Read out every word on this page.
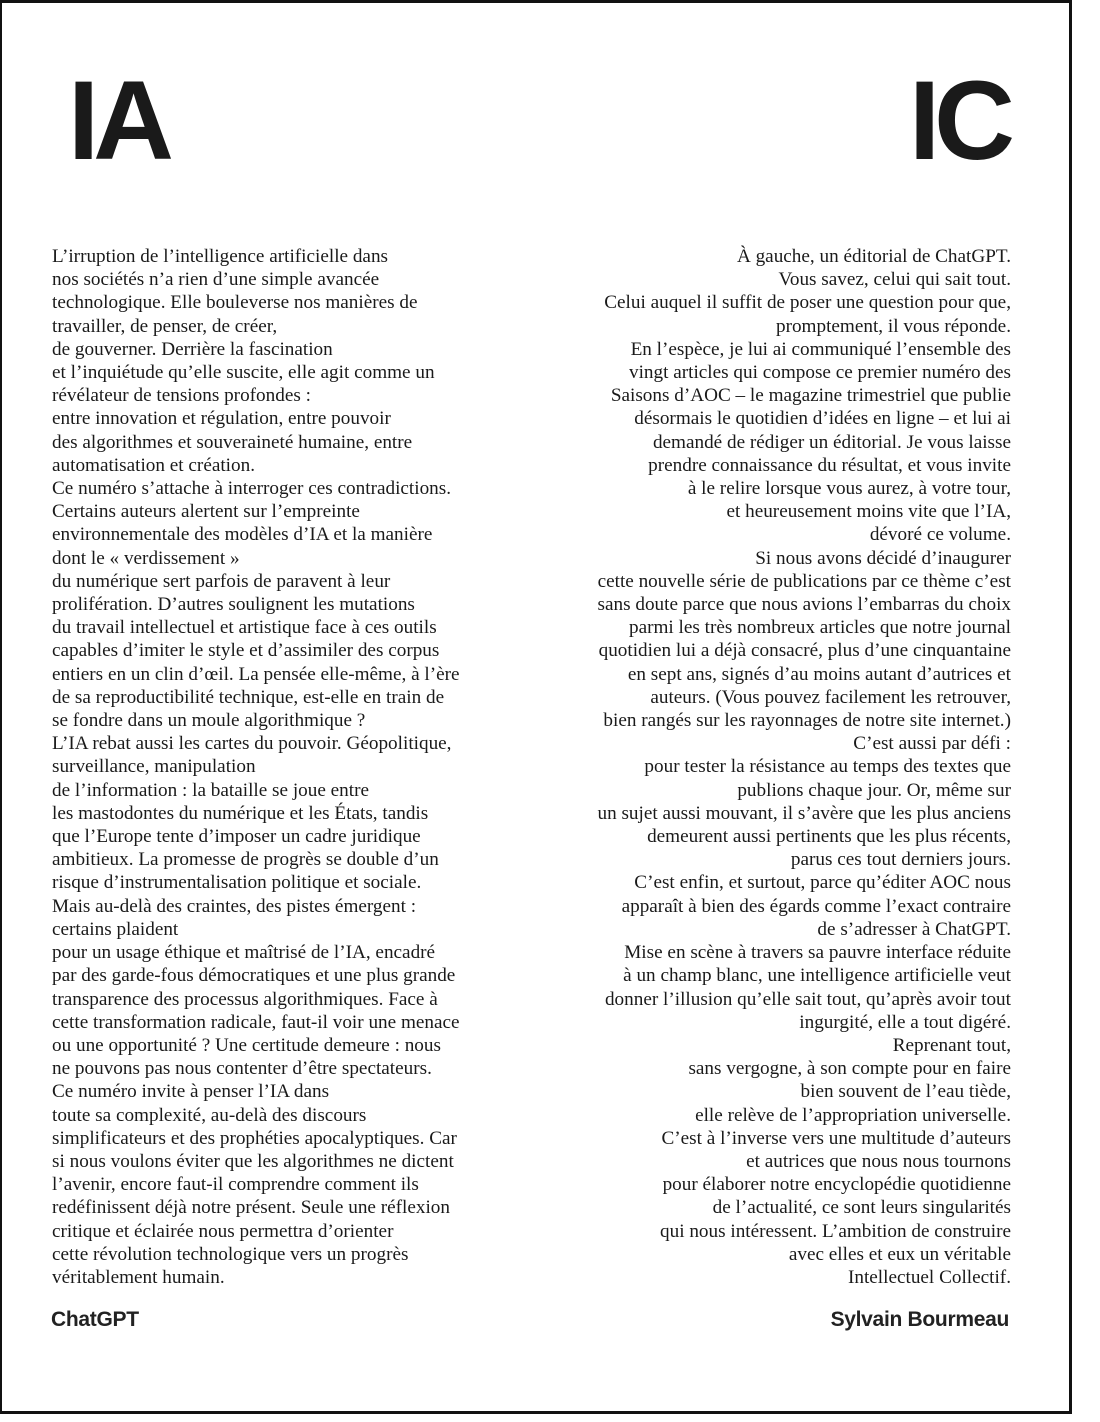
IA	IC
L’irruption de l’intelligence artificielle dans
nos sociétés n’a rien d’une simple avancée
technologique. Elle bouleverse nos manières de
travailler, de penser, de créer,
de gouverner. Derrière la fascination
et l’inquiétude qu’elle suscite, elle agit comme un
révélateur de tensions profondes :
entre innovation et régulation, entre pouvoir
des algorithmes et souveraineté humaine, entre
automatisation et création.
Ce numéro s’attache à interroger ces contradictions.
Certains auteurs alertent sur l’empreinte
environnementale des modèles d’IA et la manière
dont le « verdissement »
du numérique sert parfois de paravent à leur
prolifération. D’autres soulignent les mutations
du travail intellectuel et artistique face à ces outils
capables d’imiter le style et d’assimiler des corpus
entiers en un clin d’œil. La pensée elle-même, à l’ère
de sa reproductibilité technique, est-elle en train de
se fondre dans un moule algorithmique ?
L’IA rebat aussi les cartes du pouvoir. Géopolitique,
surveillance, manipulation
de l’information : la bataille se joue entre
les mastodontes du numérique et les États, tandis
que l’Europe tente d’imposer un cadre juridique
ambitieux. La promesse de progrès se double d’un
risque d’instrumentalisation politique et sociale.
Mais au-delà des craintes, des pistes émergent :
certains plaident
pour un usage éthique et maîtrisé de l’IA, encadré
par des garde-fous démocratiques et une plus grande
transparence des processus algorithmiques. Face à
cette transformation radicale, faut-il voir une menace
ou une opportunité ? Une certitude demeure : nous
ne pouvons pas nous contenter d’être spectateurs.
Ce numéro invite à penser l’IA dans
toute sa complexité, au-delà des discours
simplificateurs et des prophéties apocalyptiques. Car
si nous voulons éviter que les algorithmes ne dictent
l’avenir, encore faut-il comprendre comment ils
redéfinissent déjà notre présent. Seule une réflexion
critique et éclairée nous permettra d’orienter
cette révolution technologique vers un progrès
véritablement humain.
À gauche, un éditorial de ChatGPT.
Vous savez, celui qui sait tout.
Celui auquel il suffit de poser une question pour que,
promptement, il vous réponde.
En l’espèce, je lui ai communiqué l’ensemble des
vingt articles qui compose ce premier numéro des
Saisons d’AOC – le magazine trimestriel que publie
désormais le quotidien d’idées en ligne – et lui ai
demandé de rédiger un éditorial. Je vous laisse
prendre connaissance du résultat, et vous invite
à le relire lorsque vous aurez, à votre tour,
et heureusement moins vite que l’IA,
dévoré ce volume.
Si nous avons décidé d’inaugurer
cette nouvelle série de publications par ce thème c’est
sans doute parce que nous avions l’embarras du choix
parmi les très nombreux articles que notre journal
quotidien lui a déjà consacré, plus d’une cinquantaine
en sept ans, signés d’au moins autant d’autrices et
auteurs. (Vous pouvez facilement les retrouver,
bien rangés sur les rayonnages de notre site internet.)
C’est aussi par défi :
pour tester la résistance au temps des textes que
publions chaque jour. Or, même sur
un sujet aussi mouvant, il s’avère que les plus anciens
demeurent aussi pertinents que les plus récents,
parus ces tout derniers jours.
C’est enfin, et surtout, parce qu’éditer AOC nous
apparaît à bien des égards comme l’exact contraire
de s’adresser à ChatGPT.
Mise en scène à travers sa pauvre interface réduite
à un champ blanc, une intelligence artificielle veut
donner l’illusion qu’elle sait tout, qu’après avoir tout
ingurgité, elle a tout digéré.
Reprenant tout,
sans vergogne, à son compte pour en faire
bien souvent de l’eau tiède,
elle relève de l’appropriation universelle.
C’est à l’inverse vers une multitude d’auteurs
et autrices que nous nous tournons
pour élaborer notre encyclopédie quotidienne
de l’actualité, ce sont leurs singularités
qui nous intéressent. L’ambition de construire
avec elles et eux un véritable
Intellectuel Collectif.
ChatGPT	Sylvain Bourmeau
